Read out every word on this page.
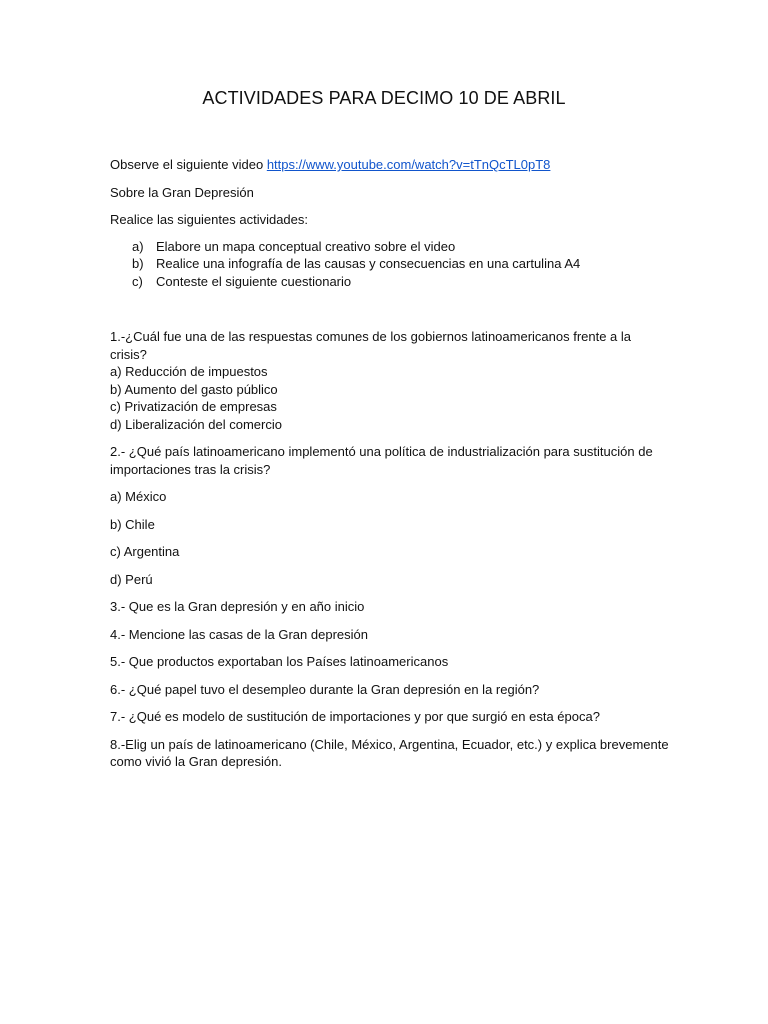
ACTIVIDADES PARA DECIMO 10 DE ABRIL

Observe el siguiente video https://www.youtube.com/watch?v=tTnQcTL0pT8

Sobre la Gran Depresión

Realice las siguientes actividades:

a) Elabore un mapa conceptual creativo sobre el video
b) Realice una infografía de las causas y consecuencias en una cartulina A4
c)	Conteste el siguiente cuestionario

1.-¿Cuál fue una de las respuestas comunes de los gobiernos latinoamericanos frente a la crisis?

a) Reducción de impuestos

b) Aumento del gasto público

c) Privatización de empresas

d) Liberalización del comercio

2.- ¿Qué país latinoamericano implementó una política de industrialización para sustitución de importaciones tras la crisis?

a) México

b) Chile

c) Argentina

d) Perú

3.- Que es la Gran depresión y en año inicio

4.- Mencione las casas de la Gran depresión

5.- Que productos exportaban los Países latinoamericanos

6.- ¿Qué papel tuvo el desempleo durante la Gran depresión en la región?

7.- ¿Qué es modelo de sustitución de importaciones y por que surgió en esta época?

8.-Elig un país de latinoamericano (Chile, México, Argentina, Ecuador, etc.) y explica brevemente como vivió la Gran depresión.
